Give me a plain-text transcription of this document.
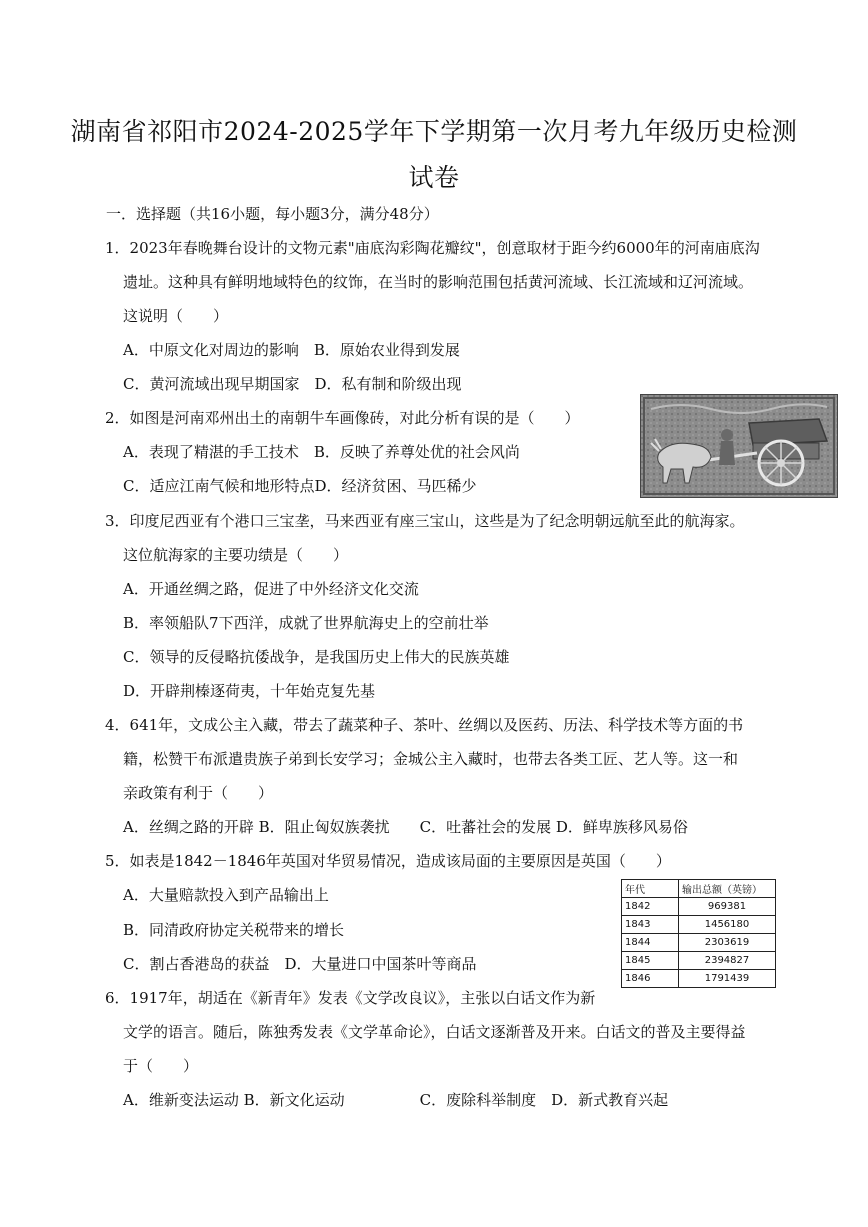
湖南省祁阳市2024-2025学年下学期第一次月考九年级历史检测
试卷
一．选择题（共16小题，每小题3分，满分48分）
1．2023年春晚舞台设计的文物元素"庙底沟彩陶花瓣纹"，创意取材于距今约6000年的河南庙底沟
遗址。这种具有鲜明地域特色的纹饰，在当时的影响范围包括黄河流域、长江流域和辽河流域。
这说明（　　）
A．中原文化对周边的影响　B．原始农业得到发展
C．黄河流域出现早期国家　D．私有制和阶级出现
2．如图是河南邓州出土的南朝牛车画像砖，对此分析有误的是（　　）
A．表现了精湛的手工技术　B．反映了养尊处优的社会风尚
C．适应江南气候和地形特点D．经济贫困、马匹稀少
3．印度尼西亚有个港口三宝垄，马来西亚有座三宝山，这些是为了纪念明朝远航至此的航海家。
这位航海家的主要功绩是（　　）
A．开通丝绸之路，促进了中外经济文化交流
B．率领船队7下西洋，成就了世界航海史上的空前壮举
C．领导的反侵略抗倭战争，是我国历史上伟大的民族英雄
D．开辟荆榛逐荷夷，十年始克复先基
4．641年，文成公主入藏，带去了蔬菜种子、茶叶、丝绸以及医药、历法、科学技术等方面的书
籍，松赞干布派遣贵族子弟到长安学习；金城公主入藏时，也带去各类工匠、艺人等。这一和
亲政策有利于（　　）
A．丝绸之路的开辟 B．阻止匈奴族袭扰　　C．吐蕃社会的发展 D．鲜卑族移风易俗
5．如表是1842－1846年英国对华贸易情况，造成该局面的主要原因是英国（　　）
A．大量赔款投入到产品输出上
B．同清政府协定关税带来的增长
C．割占香港岛的获益　D．大量进口中国茶叶等商品
年代	输出总额（英镑）
1842	969381
1843	1456180
1844	2303619
1845	2394827
1846	1791439
6．1917年，胡适在《新青年》发表《文学改良议》，主张以白话文作为新
文学的语言。随后，陈独秀发表《文学革命论》，白话文逐渐普及开来。白话文的普及主要得益
于（　　）
A．维新变法运动 B．新文化运动　　　　　C．废除科举制度　D．新式教育兴起
